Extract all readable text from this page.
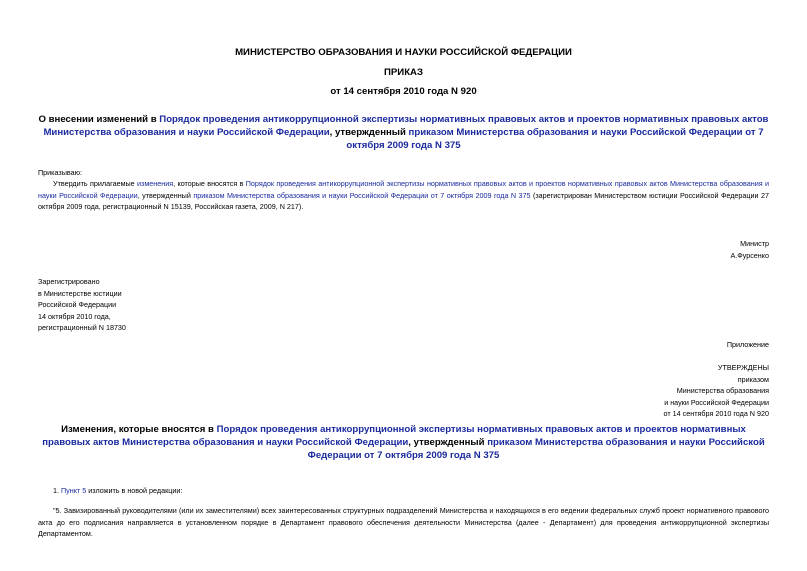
МИНИСТЕРСТВО ОБРАЗОВАНИЯ И НАУКИ РОССИЙСКОЙ ФЕДЕРАЦИИ
ПРИКАЗ
от 14 сентября 2010 года N 920
О внесении изменений в Порядок проведения антикоррупционной экспертизы нормативных правовых актов и проектов нормативных правовых актов Министерства образования и науки Российской Федерации, утвержденный приказом Министерства образования и науки Российской Федерации от 7 октября 2009 года N 375
Приказываю:
Утвердить прилагаемые изменения, которые вносятся в Порядок проведения антикоррупционной экспертизы нормативных правовых актов и проектов нормативных правовых актов Министерства образования и науки Российской Федерации, утвержденный приказом Министерства образования и науки Российской Федерации от 7 октября 2009 года N 375 (зарегистрирован Министерством юстиции Российской Федерации 27 октября 2009 года, регистрационный N 15139, Российская газета, 2009, N 217).
Министр
А.Фурсенко
Зарегистрировано
в Министерстве юстиции
Российской Федерации
14 октября 2010 года,
регистрационный N 18730
Приложение
УТВЕРЖДЕНЫ
приказом
Министерства образования
и науки Российской Федерации
от 14 сентября 2010 года N 920
Изменения, которые вносятся в Порядок проведения антикоррупционной экспертизы нормативных правовых актов и проектов нормативных правовых актов Министерства образования и науки Российской Федерации, утвержденный приказом Министерства образования и науки Российской Федерации от 7 октября 2009 года N 375
1. Пункт 5 изложить в новой редакции:
"5. Завизированный руководителями (или их заместителями) всех заинтересованных структурных подразделений Министерства и находящихся в его ведении федеральных служб проект нормативного правового акта до его подписания направляется в установленном порядке в Департамент правового обеспечения деятельности Министерства (далее - Департамент) для проведения антикоррупционной экспертизы Департаментом.
